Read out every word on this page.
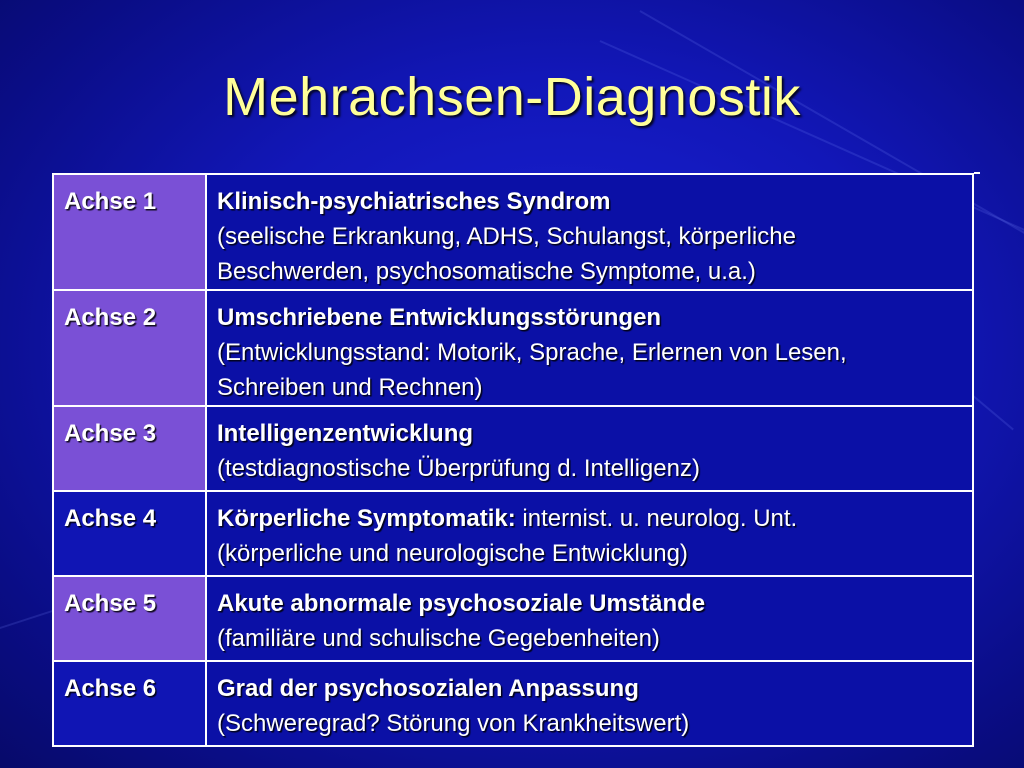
Mehrachsen-Diagnostik
Achse 1	Klinisch-psychiatrisches Syndrom
(seelische Erkrankung, ADHS, Schulangst, körperliche
Beschwerden, psychosomatische Symptome, u.a.)

Achse 2	Umschriebene Entwicklungsstörungen
(Entwicklungsstand: Motorik, Sprache, Erlernen von Lesen,
Schreiben und Rechnen)

Achse 3	Intelligenzentwicklung
(testdiagnostische Überprüfung d. Intelligenz)

Achse 4	Körperliche Symptomatik: internist. u. neurolog. Unt.
(körperliche und neurologische Entwicklung)

Achse 5	Akute abnormale psychosoziale Umstände
(familiäre und schulische Gegebenheiten)

Achse 6	Grad der psychosozialen Anpassung
(Schweregrad? Störung von Krankheitswert)
